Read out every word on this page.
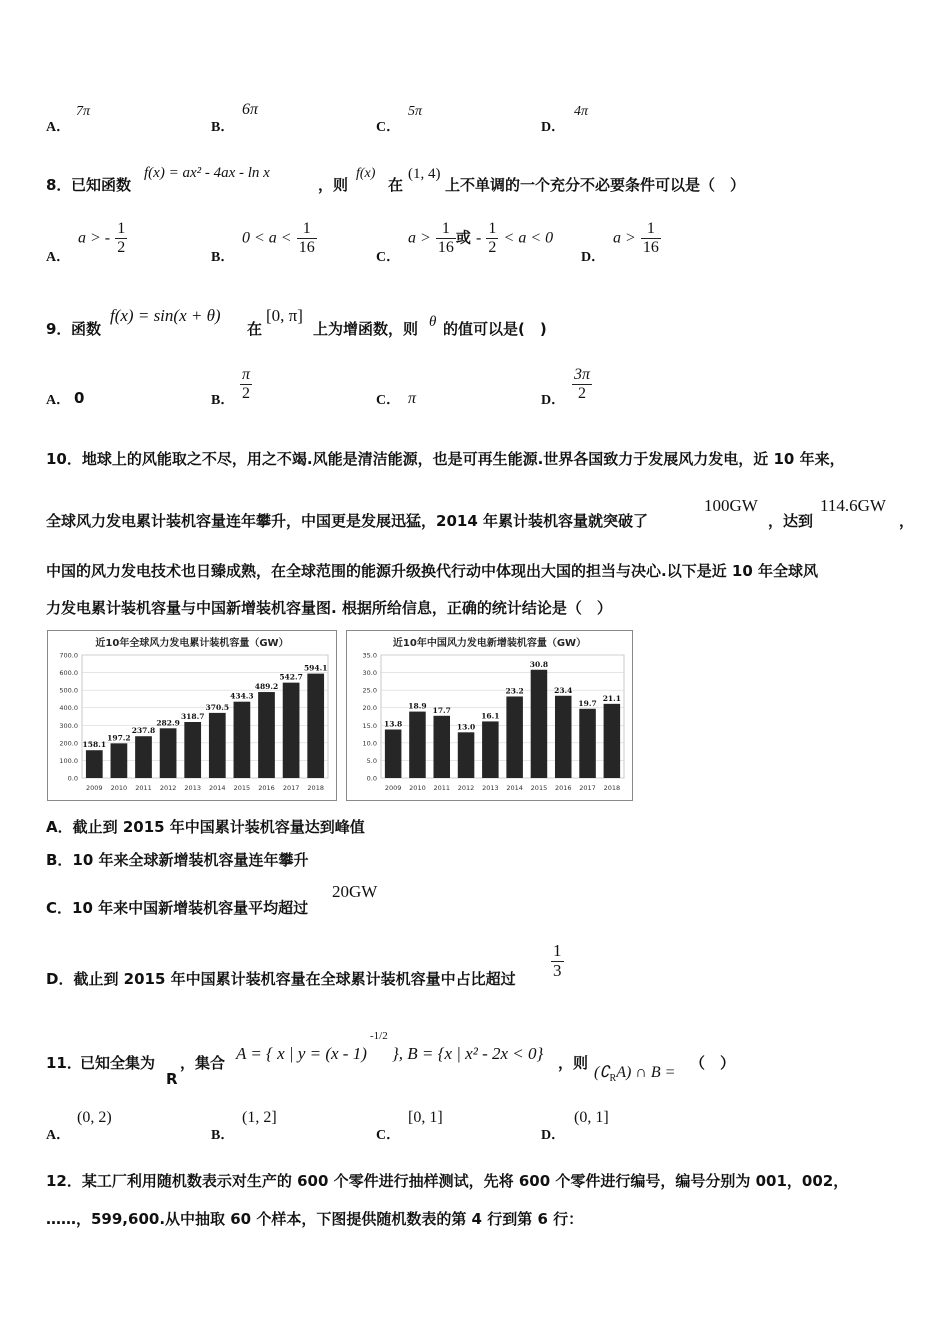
A．
7π
B．
6π
C．
5π
D．
4π
8． 已知函数
f(x) = ax² - 4ax - ln x
，则
f(x)
在
(1, 4)
上不单调的一个充分不必要条件可以是（　）
A．
a > - $\frac{1}{2}$
B．
$0 < a < \frac{1}{16}$
C．
$a > \frac{1}{16}$ 或 - $\frac{1}{2} < a < 0$
D．
$a > \frac{1}{16}$
9． 函数
f(x) = sin(x + θ)
在
[0, π]
上为增函数，则 θ 的值可以是(　)
A． 0	B． $\frac{\pi}{2}$	C． π	D． $\frac{3\pi}{2}$
10．地球上的风能取之不尽，用之不竭.风能是清洁能源，也是可再生能源.世界各国致力于发展风力发电，近 10 年来，
全球风力发电累计装机容量连年攀升，中国更是发展迅猛，2014 年累计装机容量就突破了
100GW
，达到
114.6GW
，
中国的风力发电技术也日臻成熟，在全球范围的能源升级换代行动中体现出大国的担当与决心.以下是近 10 年全球风
力发电累计装机容量与中国新增装机容量图. 根据所给信息，正确的统计结论是（　）
近10年全球风力发电累计装机容量（GW）
0.0
100.0
200.0
300.0
400.0
500.0
600.0
700.0
158.1
2009
197.2
2010
237.8
2011
282.9
2012
318.7
2013
370.5
2014
434.3
2015
489.2
2016
542.7
2017
594.1
2018
近10年中国风力发电新增装机容量（GW）
0.0
5.0
10.0
15.0
20.0
25.0
30.0
35.0
13.8
2009
18.9
2010
17.7
2011
13.0
2012
16.1
2013
23.2
2014
30.8
2015
23.4
2016
19.7
2017
21.1
2018
A．截止到 2015 年中国累计装机容量达到峰值
B．10 年来全球新增装机容量连年攀升
C．10 年来中国新增装机容量平均超过
20GW
D．截止到 2015 年中国累计装机容量在全球累计装机容量中占比超过 $\frac{1}{3}$
11．
已知全集为
R
，集合 A = { x | y = (x - 1)
-1/2
}, B = {x | x² - 2x < 0} ，则
$(∁_RA)$ ∩ B =
（　）
A．
(0, 2)
B．
(1, 2]
C．
[0, 1]
D．
(0, 1]
12．某工厂利用随机数表示对生产的 600 个零件进行抽样测试，先将 600 个零件进行编号，编号分别为 001，002，
……，599,600.从中抽取 60 个样本，下图提供随机数表的第 4 行到第 6 行：
